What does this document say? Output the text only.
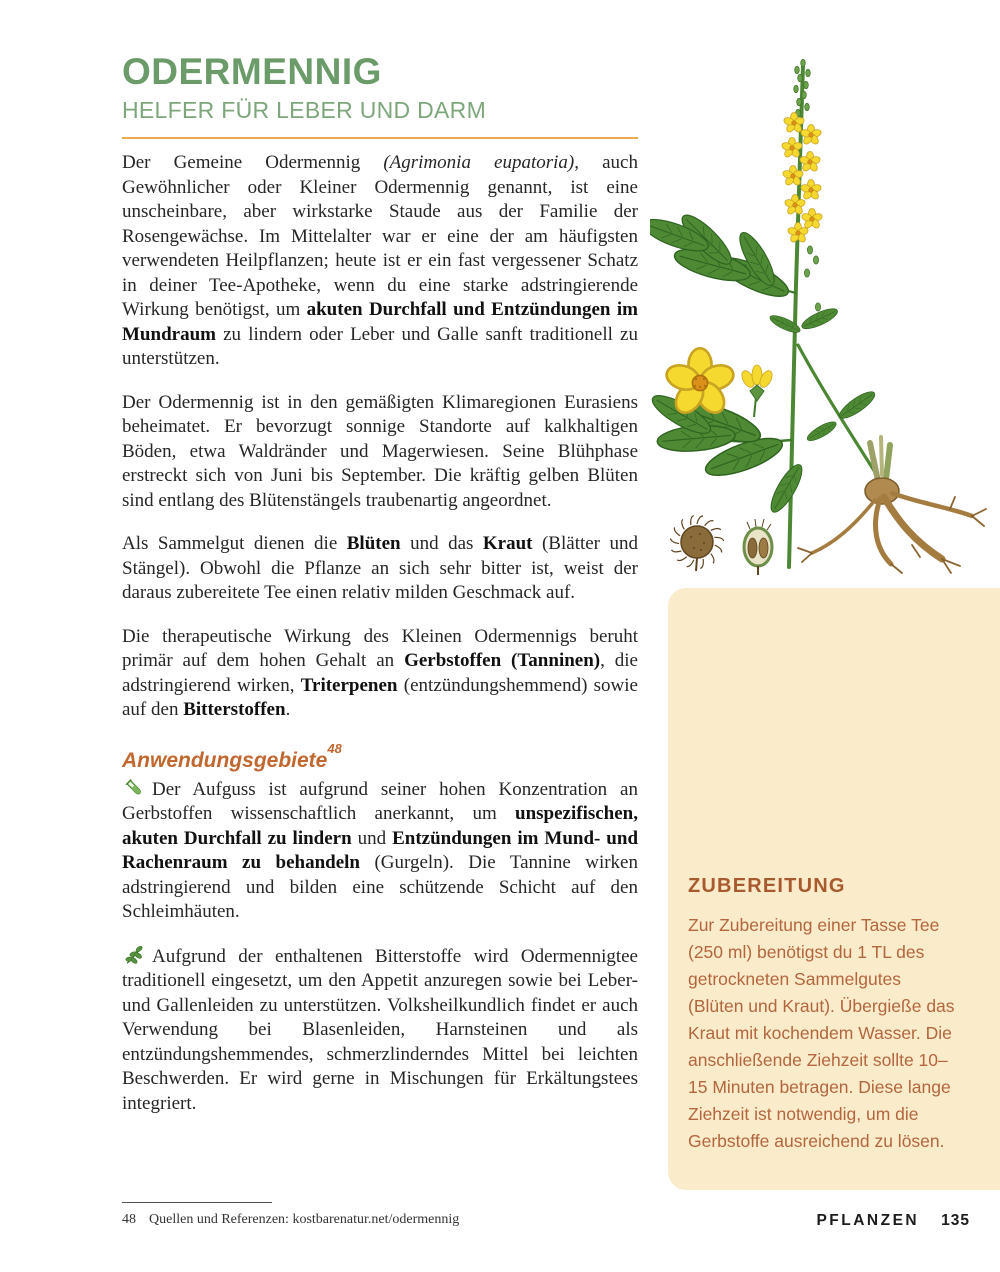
ODERMENNIG
HELFER FÜR LEBER UND DARM

Der Gemeine Odermennig (Agrimonia eupatoria), auch Gewöhnlicher oder Kleiner Odermennig genannt, ist eine unscheinbare, aber wirkstarke Staude aus der Familie der Rosengewächse. Im Mittelalter war er eine der am häufigsten verwendeten Heilpflanzen; heute ist er ein fast vergessener Schatz in deiner Tee-Apotheke, wenn du eine starke adstringierende Wirkung benötigst, um akuten Durchfall und Entzündungen im Mundraum zu lindern oder Leber und Galle sanft traditionell zu unterstützen.

Der Odermennig ist in den gemäßigten Klimaregionen Eurasiens beheimatet. Er bevorzugt sonnige Standorte auf kalkhaltigen Böden, etwa Waldränder und Magerwiesen. Seine Blühphase erstreckt sich von Juni bis September. Die kräftig gelben Blüten sind entlang des Blütenstängels traubenartig angeordnet.

Als Sammelgut dienen die Blüten und das Kraut (Blätter und Stängel). Obwohl die Pflanze an sich sehr bitter ist, weist der daraus zubereitete Tee einen relativ milden Geschmack auf.

Die therapeutische Wirkung des Kleinen Odermennigs beruht primär auf dem hohen Gehalt an Gerbstoffen (Tanninen), die adstringierend wirken, Triterpenen (entzündungshemmend) sowie auf den Bitterstoffen.

Anwendungsgebiete$^{48}$

Der Aufguss ist aufgrund seiner hohen Konzentration an Gerbstoffen wissenschaftlich anerkannt, um unspezifischen, akuten Durchfall zu lindern und Entzündungen im Mund- und Rachenraum zu behandeln (Gurgeln). Die Tannine wirken adstringierend und bilden eine schützende Schicht auf den Schleimhäuten.

Aufgrund der enthaltenen Bitterstoffe wird Odermennigtee traditionell eingesetzt, um den Appetit anzuregen sowie bei Leber- und Gallenleiden zu unterstützen. Volksheilkundlich findet er auch Verwendung bei Blasenleiden, Harnsteinen und als entzündungshemmendes, schmerzlinderndes Mittel bei leichten Beschwerden. Er wird gerne in Mischungen für Erkältungstees integriert.

ZUBEREITUNG

Zur Zubereitung einer Tasse Tee (250 ml) benötigst du 1 TL des getrockneten Sammelgutes (Blüten und Kraut). Übergieße das Kraut mit kochendem Wasser. Die anschließende Ziehzeit sollte 10–15 Minuten betragen. Diese lange Ziehzeit ist notwendig, um die Gerbstoffe ausreichend zu lösen.

48 Quellen und Referenzen: kostbarenatur.net/odermennig	PFLANZEN 135
